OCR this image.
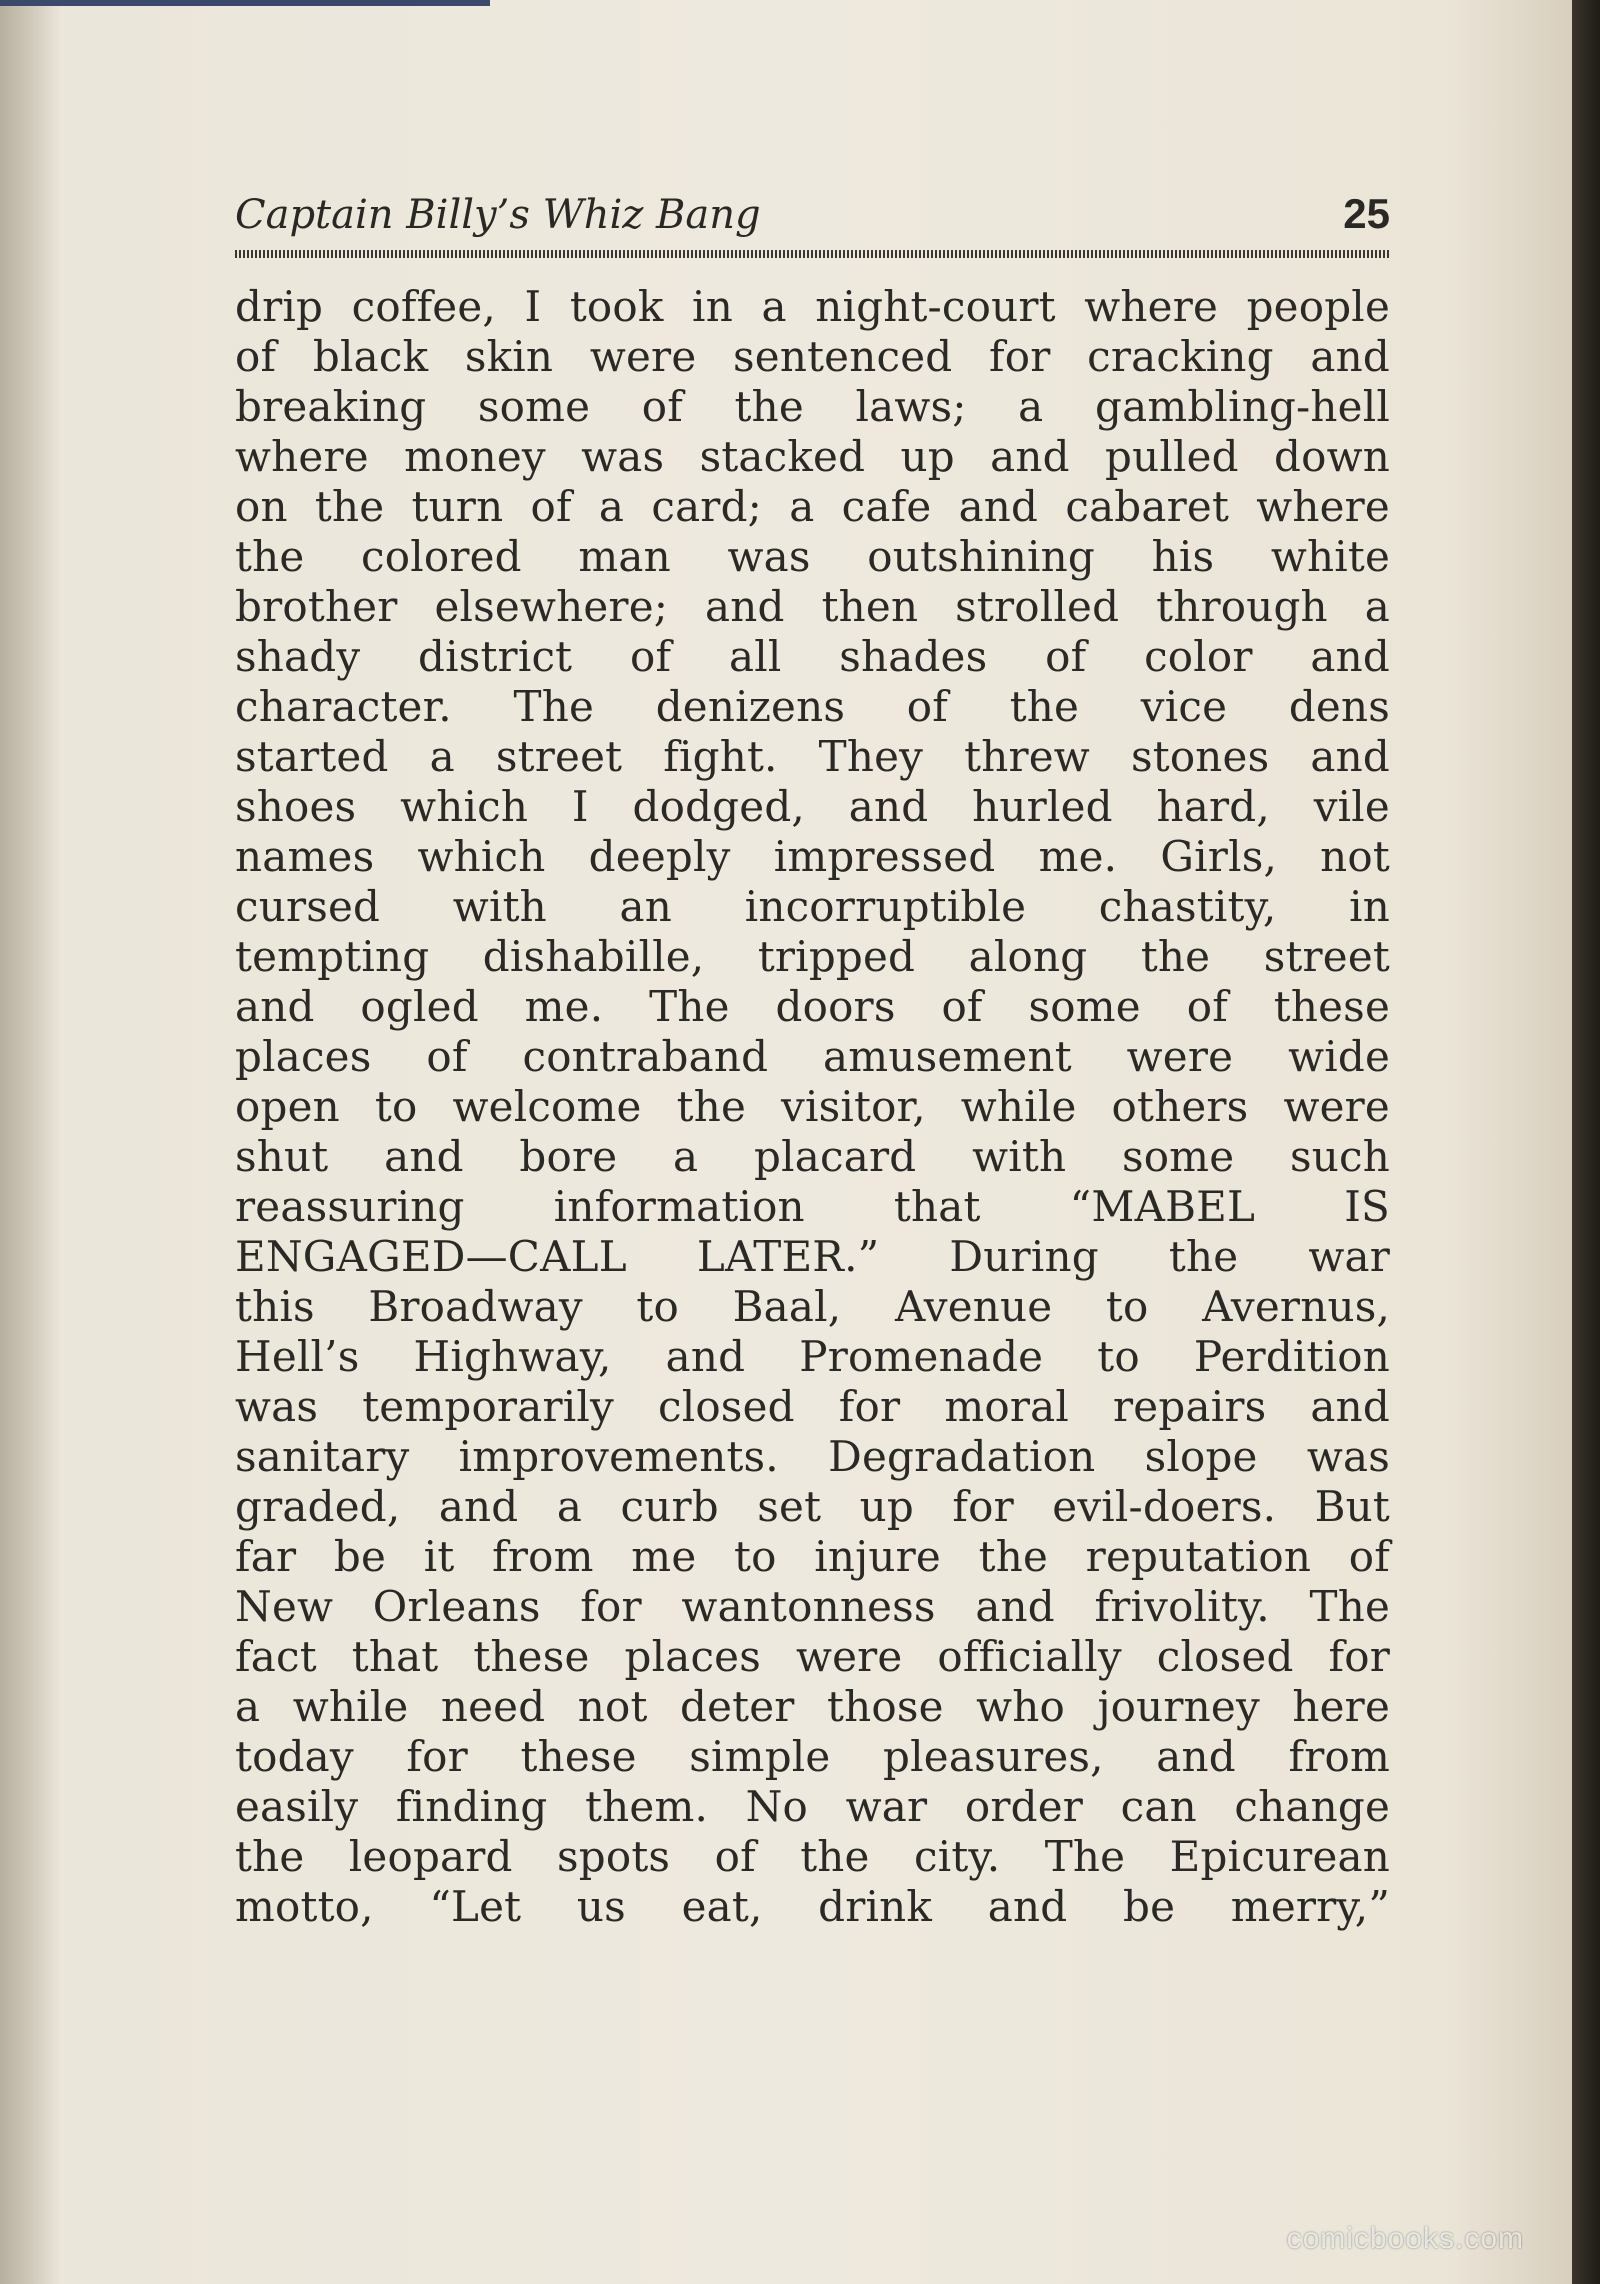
Captain Billy’s Whiz Bang	25
drip coffee, I took in a night-court where people
of black skin were sentenced for cracking and
breaking some of the laws; a gambling-hell
where money was stacked up and pulled down
on the turn of a card; a cafe and cabaret where
the colored man was outshining his white
brother elsewhere; and then strolled through a
shady district of all shades of color and
character. The denizens of the vice dens
started a street fight. They threw stones and
shoes which I dodged, and hurled hard, vile
names which deeply impressed me. Girls, not
cursed with an incorruptible chastity, in
tempting dishabille, tripped along the street
and ogled me. The doors of some of these
places of contraband amusement were wide
open to welcome the visitor, while others were
shut and bore a placard with some such
reassuring information that “MABEL IS
ENGAGED—CALL LATER.” During the war
this Broadway to Baal, Avenue to Avernus,
Hell’s Highway, and Promenade to Perdition
was temporarily closed for moral repairs and
sanitary improvements. Degradation slope was
graded, and a curb set up for evil-doers. But
far be it from me to injure the reputation of
New Orleans for wantonness and frivolity. The
fact that these places were officially closed for
a while need not deter those who journey here
today for these simple pleasures, and from
easily finding them. No war order can change
the leopard spots of the city. The Epicurean
motto, “Let us eat, drink and be merry,”
comicbooks.com
